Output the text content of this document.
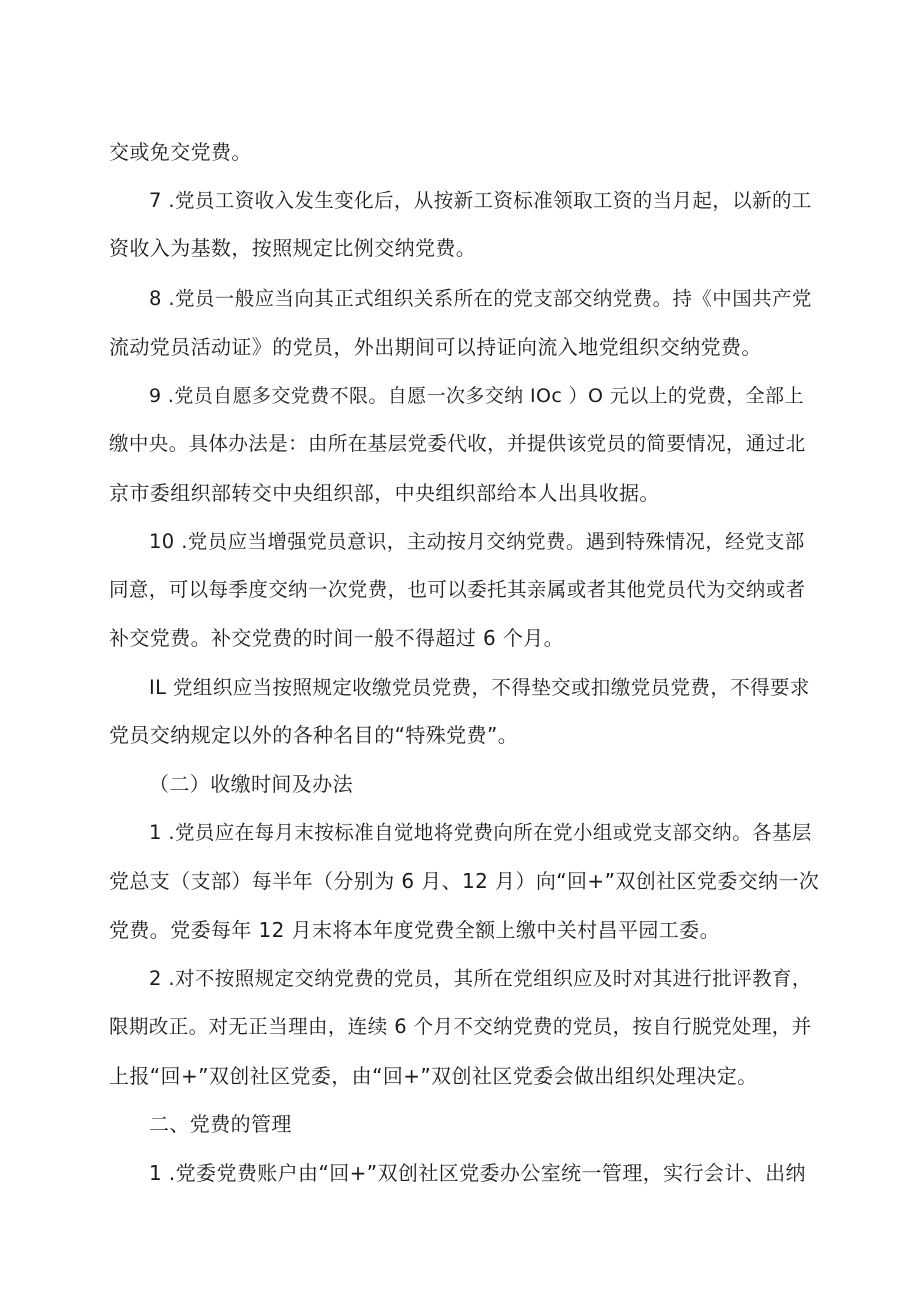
交或免交党费。

7 .党员工资收入发生变化后，从按新工资标准领取工资的当月起，以新的工

资收入为基数，按照规定比例交纳党费。

8 .党员一般应当向其正式组织关系所在的党支部交纳党费。持《中国共产党

流动党员活动证》的党员，外出期间可以持证向流入地党组织交纳党费。

9 .党员自愿多交党费不限。自愿一次多交纳 IOc ）O 元以上的党费，全部上

缴中央。具体办法是：由所在基层党委代收，并提供该党员的简要情况，通过北

京市委组织部转交中央组织部，中央组织部给本人出具收据。

10 .党员应当增强党员意识，主动按月交纳党费。遇到特殊情况，经党支部

同意，可以每季度交纳一次党费，也可以委托其亲属或者其他党员代为交纳或者

补交党费。补交党费的时间一般不得超过 6 个月。

IL 党组织应当按照规定收缴党员党费，不得垫交或扣缴党员党费，不得要求

党员交纳规定以外的各种名目的“特殊党费”。

（二）收缴时间及办法

1 .党员应在每月末按标准自觉地将党费向所在党小组或党支部交纳。各基层

党总支（支部）每半年（分别为 6 月、12 月）向“回+”双创社区党委交纳一次

党费。党委每年 12 月末将本年度党费全额上缴中关村昌平园工委。

2 .对不按照规定交纳党费的党员，其所在党组织应及时对其进行批评教育，

限期改正。对无正当理由，连续 6 个月不交纳党费的党员，按自行脱党处理，并

上报“回+”双创社区党委，由“回+”双创社区党委会做出组织处理决定。

二、党费的管理

1 .党委党费账户由“回+”双创社区党委办公室统一管理，实行会计、出纳
